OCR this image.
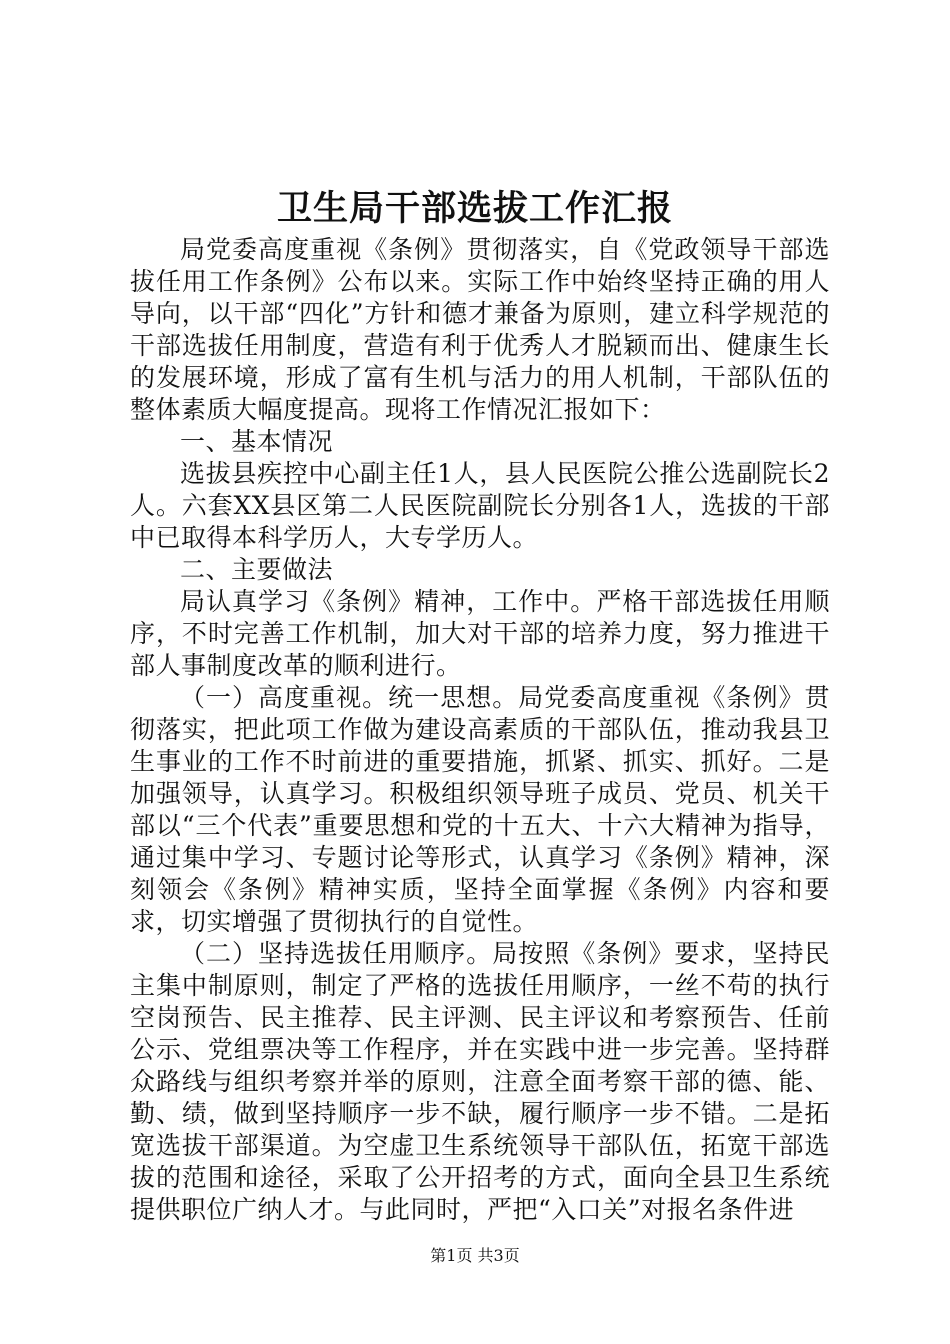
卫生局干部选拔工作汇报

局党委高度重视《条例》贯彻落实，自《党政领导干部选拔任用工作条例》公布以来。实际工作中始终坚持正确的用人导向，以干部“四化”方针和德才兼备为原则，建立科学规范的干部选拔任用制度，营造有利于优秀人才脱颖而出、健康生长的发展环境，形成了富有生机与活力的用人机制，干部队伍的整体素质大幅度提高。现将工作情况汇报如下：

一、基本情况

选拔县疾控中心副主任1人，县人民医院公推公选副院长2人。六套XX县区第二人民医院副院长分别各1人，选拔的干部中已取得本科学历人，大专学历人。

二、主要做法

局认真学习《条例》精神，工作中。严格干部选拔任用顺序，不时完善工作机制，加大对干部的培养力度，努力推进干部人事制度改革的顺利进行。

（一）高度重视。统一思想。局党委高度重视《条例》贯彻落实，把此项工作做为建设高素质的干部队伍，推动我县卫生事业的工作不时前进的重要措施，抓紧、抓实、抓好。二是加强领导，认真学习。积极组织领导班子成员、党员、机关干部以“三个代表”重要思想和党的十五大、十六大精神为指导，通过集中学习、专题讨论等形式，认真学习《条例》精神，深刻领会《条例》精神实质，坚持全面掌握《条例》内容和要求，切实增强了贯彻执行的自觉性。

（二）坚持选拔任用顺序。局按照《条例》要求，坚持民主集中制原则，制定了严格的选拔任用顺序，一丝不苟的执行空岗预告、民主推荐、民主评测、民主评议和考察预告、任前公示、党组票决等工作程序，并在实践中进一步完善。坚持群众路线与组织考察并举的原则，注意全面考察干部的德、能、勤、绩，做到坚持顺序一步不缺，履行顺序一步不错。二是拓宽选拔干部渠道。为空虚卫生系统领导干部队伍，拓宽干部选拔的范围和途径，采取了公开招考的方式，面向全县卫生系统提供职位广纳人才。与此同时，严把“入口关”对报名条件进

第1页 共3页
